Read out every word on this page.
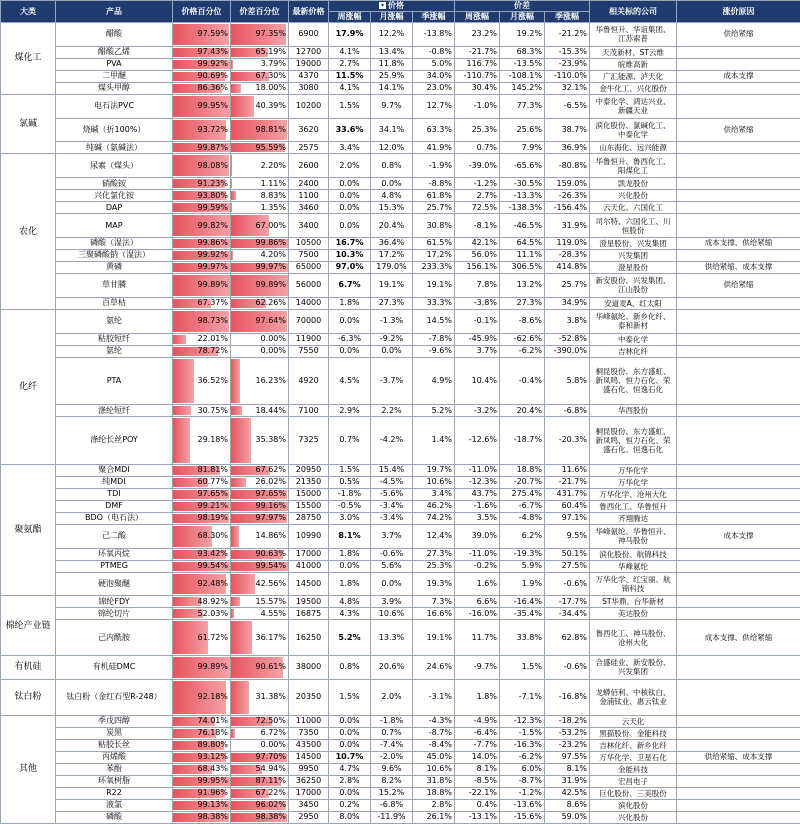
大类	产品	价格百分位	价差百分位	最新价格	▾ 价格			价差			相关标的公司	涨价原因
					周涨幅	月涨幅	季涨幅	周涨幅	月涨幅	季涨幅		
煤化工	醋酸	97.59%	97.35%	6900	17.9%	12.2%	-13.8%	23.2%	19.2%	-21.2%	华鲁恒升、华谊集团、江苏索普	供给紧缩
	醋酸乙烯	97.43%	65.19%	12700	4.1%	13.4%	-0.8%	-21.7%	68.3%	-15.3%	天茂新材、ST云维	
	PVA	99.92%	3.79%	19000	2.7%	11.8%	5.0%	116.7%	-13.5%	-23.9%	皖维高新	
	二甲醚	90.69%	67.30%	4370	11.5%	25.9%	34.0%	-110.7%	-108.1%	-110.0%	广汇能源、泸天化	成本支撑
	煤头甲醇	86.36%	18.00%	3080	4.1%	14.1%	23.0%	30.4%	145.2%	32.1%	金牛化工、兴化股份	
氯碱	电石法PVC	99.95%	40.39%	10200	1.5%	9.7%	12.7%	-1.0%	77.3%	-6.5%	中泰化学、鸿达兴业、新疆天业	
	烧碱（折100%）	93.72%	98.81%	3620	33.6%	34.1%	63.3%	25.3%	25.6%	38.7%	滨化股份、氯碱化工、中泰化学	供给紧缩
	纯碱（氨碱法）	99.87%	95.59%	2575	3.4%	12.0%	41.9%	0.7%	7.9%	36.9%	山东海化、远兴能源	
农化	尿素（煤头）	98.08%	2.20%	2600	2.0%	0.8%	-1.9%	-39.0%	-65.6%	-80.8%	华鲁恒升、鲁西化工、阳煤化工	
	硝酸铵	91.23%	1.11%	2400	0.0%	0.0%	-8.8%	-1.2%	-30.5%	159.0%	凯龙股份	
	兴化氯化铵	93.80%	8.83%	1100	0.0%	4.8%	61.8%	2.7%	-13.3%	-26.3%	兴化股份	
	DAP	99.59%	1.35%	3460	0.0%	15.3%	25.7%	72.5%	-138.3%	-156.4%	云天化、六国化工	
	MAP	99.82%	67.00%	3400	0.0%	20.4%	30.8%	-8.1%	-46.5%	31.9%	司尔特、六国化工、川恒股份	
	磷酸（湿法）	99.86%	99.86%	10500	16.7%	36.4%	61.5%	42.1%	64.5%	119.0%	澄星股份、兴发集团	成本支撑、供给紧缩
	三聚磷酸钠（湿法）	99.92%	4.20%	7500	10.3%	17.2%	17.2%	56.0%	11.1%	-28.3%	兴发集团	
	黄磷	99.97%	99.97%	65000	97.0%	179.0%	233.3%	156.1%	306.5%	414.8%	澄星股份	供给紧缩、成本支撑
	草甘膦	99.89%	99.89%	56000	6.7%	19.1%	19.1%	7.8%	13.2%	25.7%	新安股份、兴发集团、江山股份	供给紧缩
	百草枯	67.37%	62.26%	14000	1.8%	27.3%	33.3%	-3.8%	27.3%	34.9%	安道麦A、红太阳	
化纤	氨纶	98.73%	97.64%	70000	0.0%	-1.3%	14.5%	-0.1%	-8.6%	3.8%	华峰氨纶、新乡化纤、泰和新材	
	粘胶短纤	22.01%	0.00%	11900	-6.3%	-9.2%	-7.8%	-45.9%	-62.6%	-52.8%	中泰化学	
	氨纶	78.72%	0.00%	7550	0.0%	0.0%	-9.6%	3.7%	-6.2%	-390.0%	吉林化纤	
	PTA	36.52%	16.23%	4920	4.5%	-3.7%	4.9%	10.4%	-0.4%	5.8%	桐昆股份、东方盛虹、新凤鸣、恒力石化、荣盛石化、恒逸石化	
	涤纶短纤	30.75%	18.44%	7100	2.9%	2.2%	5.2%	-3.2%	20.4%	-6.8%	华西股份	
	涤纶长丝POY	29.18%	35.38%	7325	0.7%	-4.2%	1.4%	-12.6%	-18.7%	-20.3%	桐昆股份、东方盛虹、新凤鸣、恒力石化、荣盛石化、恒逸石化	
聚氨酯	聚合MDI	81.81%	67.62%	20950	1.5%	15.4%	19.7%	-11.0%	18.8%	11.6%	万华化学	
	纯MDI	60.77%	26.02%	21350	0.5%	-4.5%	10.6%	-12.3%	-20.7%	-21.7%	万华化学	
	TDI	97.65%	97.65%	15000	-1.8%	-5.6%	3.4%	43.7%	275.4%	431.7%	万华化学、沧州大化	
	DMF	99.21%	99.16%	15500	-0.5%	-3.4%	46.2%	-1.6%	-6.7%	60.4%	鲁西化工、华鲁恒升	
	BDO（电石法）	98.19%	97.97%	28750	3.0%	-3.4%	74.2%	3.5%	-4.8%	97.1%	齐翔腾达	
	己二酸	68.30%	14.86%	10990	8.1%	3.7%	12.4%	39.0%	6.2%	9.5%	华峰氨纶、华鲁恒升、神马股份	成本支撑
	环氧丙烷	93.42%	90.63%	17000	1.8%	-0.6%	27.3%	-11.0%	-19.3%	50.1%	滨化股份、航锦科技	
	PTMEG	99.54%	99.54%	41000	0.0%	5.6%	25.3%	-0.2%	5.9%	27.5%	华峰氨纶	
	硬泡聚醚	92.48%	42.56%	14500	1.8%	0.0%	19.3%	1.6%	1.9%	-0.6%	万华化学、红宝丽、航锦科技	
棉纶产业链	锦纶FDY	48.92%	15.57%	19500	4.8%	3.9%	7.3%	6.6%	-16.4%	-17.7%	ST华鼎、台华新材	
	锦纶切片	52.03%	4.55%	16875	4.3%	10.6%	16.6%	-16.0%	-35.4%	-34.4%	美达股份	
	己内酰胺	61.72%	36.17%	16250	5.2%	13.3%	19.1%	11.7%	33.8%	62.8%	鲁西化工、神马股份、沧州大化	成本支撑、供给紧缩
有机硅	有机硅DMC	99.89%	90.61%	38000	0.8%	20.6%	24.6%	-9.7%	1.5%	-0.6%	合盛硅业、新安股份、兴发集团	
钛白粉	钛白粉（金红石型R-248）	92.18%	31.38%	20350	1.5%	2.0%	-3.1%	1.8%	-7.1%	-16.8%	龙蟒佰利、中核钛白、金浦钛业、惠云钛业	
其他	季戊四醇	74.01%	72.50%	11000	0.0%	-1.8%	-4.3%	-4.9%	-12.3%	-18.2%	云天化	
	炭黑	76.18%	6.72%	7350	0.0%	0.7%	-8.7%	-6.4%	-1.5%	-53.2%	黑猫股份、金能科技	
	粘胶长丝	89.80%	0.00%	43500	0.0%	-7.4%	-8.4%	-7.7%	-16.3%	-23.2%	吉林化纤、新乡化纤	
	丙烯酸	93.12%	97.70%	14500	10.7%	-2.0%	45.0%	14.0%	-6.2%	97.5%	万华化学、卫星石化	供给紧缩、成本支撑
	苯酚	68.43%	54.94%	9950	4.7%	9.6%	10.6%	8.1%	6.0%	8.1%	金能科技	
	环氧树脂	99.95%	87.11%	36250	2.8%	8.2%	31.8%	-8.5%	-8.7%	31.9%	宏昌电子	
	R22	91.96%	67.22%	17000	0.0%	15.2%	18.8%	-22.1%	-1.2%	42.5%	巨化股份、三美股份	
	液氯	99.13%	96.02%	3450	0.2%	-6.8%	2.8%	0.4%	-13.6%	8.6%	滨化股份	
	磷酸	98.38%	98.38%	2950	8.0%	-11.9%	26.1%	-13.1%	-15.6%	59.0%	兴化股份	
